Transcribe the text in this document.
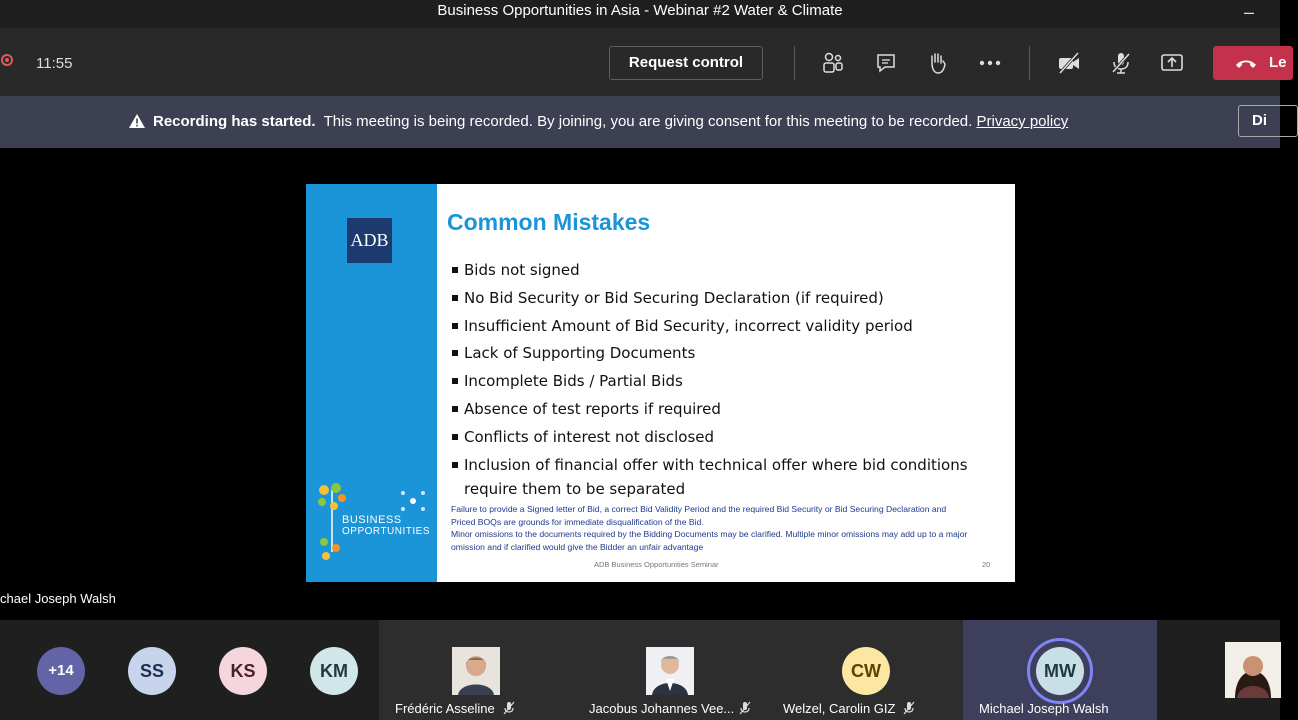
Business Opportunities in Asia - Webinar #2 Water & Climate	–
11:55	Request control	Le
Recording has started. This meeting is being recorded. By joining, you are giving consent for this meeting to be recorded. Privacy policy	Di
ADB
BUSINESS
OPPORTUNITIES
Common Mistakes
Bids not signed
No Bid Security or Bid Securing Declaration (if required)
Insufficient Amount of Bid Security, incorrect validity period
Lack of Supporting Documents
Incomplete Bids / Partial Bids
Absence of test reports if required
Conflicts of interest not disclosed
Inclusion of financial offer with technical offer where bid conditions require them to be separated
Failure to provide a Signed letter of Bid, a correct Bid Validity Period and the required Bid Security or Bid Securing Declaration and Priced BOQs are grounds for immediate disqualification of the Bid.
Minor omissions to the documents required by the Bidding Documents may be clarified. Multiple minor omissions may add up to a major omission and if clarified would give the Bidder an unfair advantage
ADB Business Opportunities Seminar	20
chael Joseph Walsh
+14	SS	KS	KM
Frédéric Asseline	Jacobus Johannes Vee...
CW
Welzel, Carolin GIZ
MW
Michael Joseph Walsh
